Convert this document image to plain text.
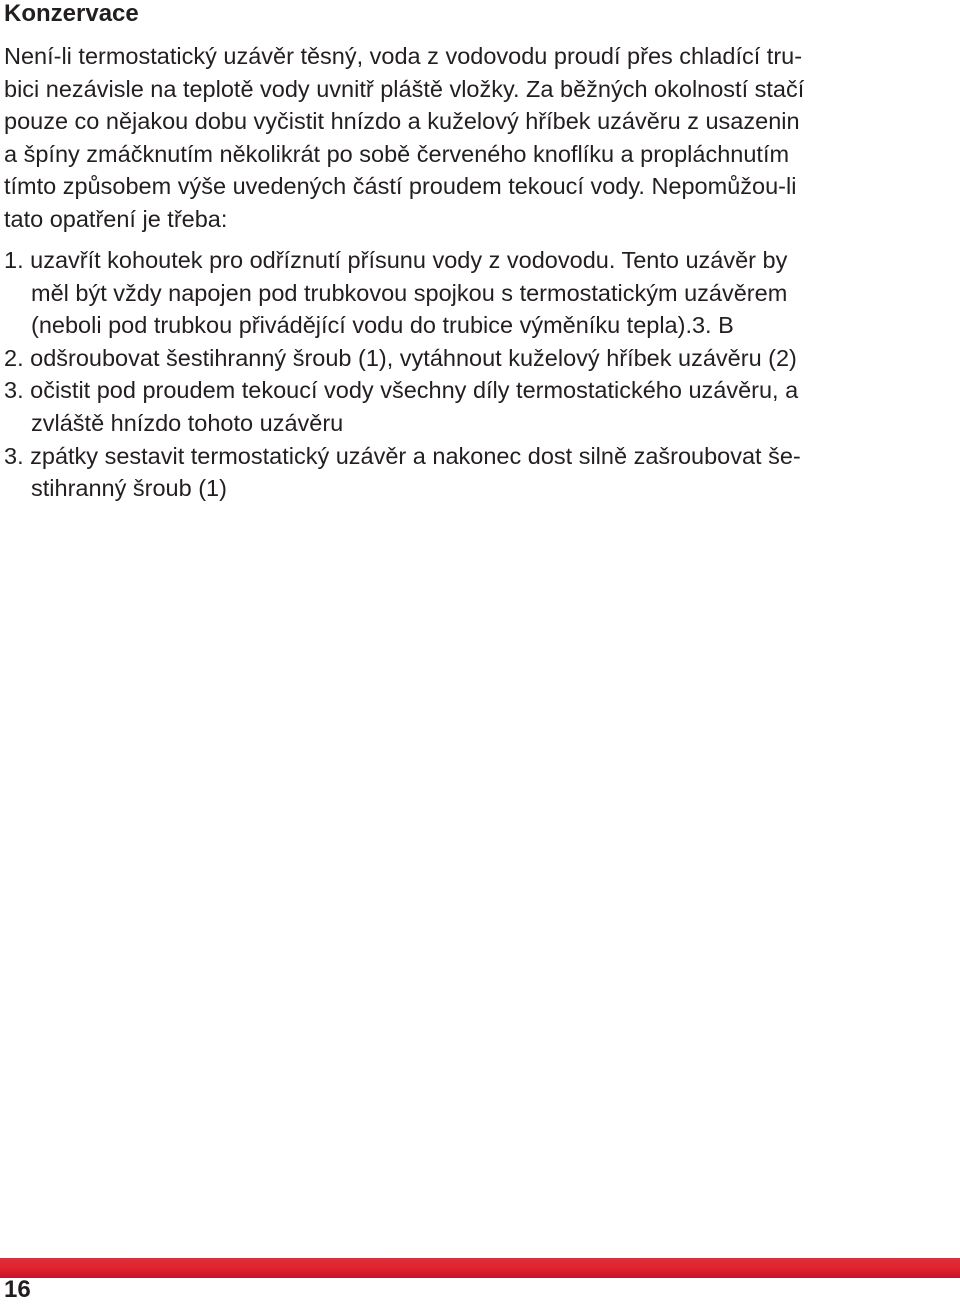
Konzervace

Není-li termostatický uzávěr těsný, voda z vodovodu proudí přes chladící tru-
bici nezávisle na teplotě vody uvnitř pláště vložky. Za běžných okolností stačí
pouze co nějakou dobu vyčistit hnízdo a kuželový hříbek uzávěru z usazenin
a špíny zmáčknutím několikrát po sobě červeného knoflíku a propláchnutím
tímto způsobem výše uvedených částí proudem tekoucí vody. Nepomůžou-li
tato opatření je třeba:

1. uzavřít kohoutek pro odříznutí přísunu vody z vodovodu. Tento uzávěr by
měl být vždy napojen pod trubkovou spojkou s termostatickým uzávěrem
(neboli pod trubkou přivádějící vodu do trubice výměníku tepla).3. B
2. odšroubovat šestihranný šroub (1), vytáhnout kuželový hříbek uzávěru (2)
3. očistit pod proudem tekoucí vody všechny díly termostatického uzávěru, a
zvláště hnízdo tohoto uzávěru
3. zpátky sestavit termostatický uzávěr a nakonec dost silně zašroubovat še-
stihranný šroub (1)
16
